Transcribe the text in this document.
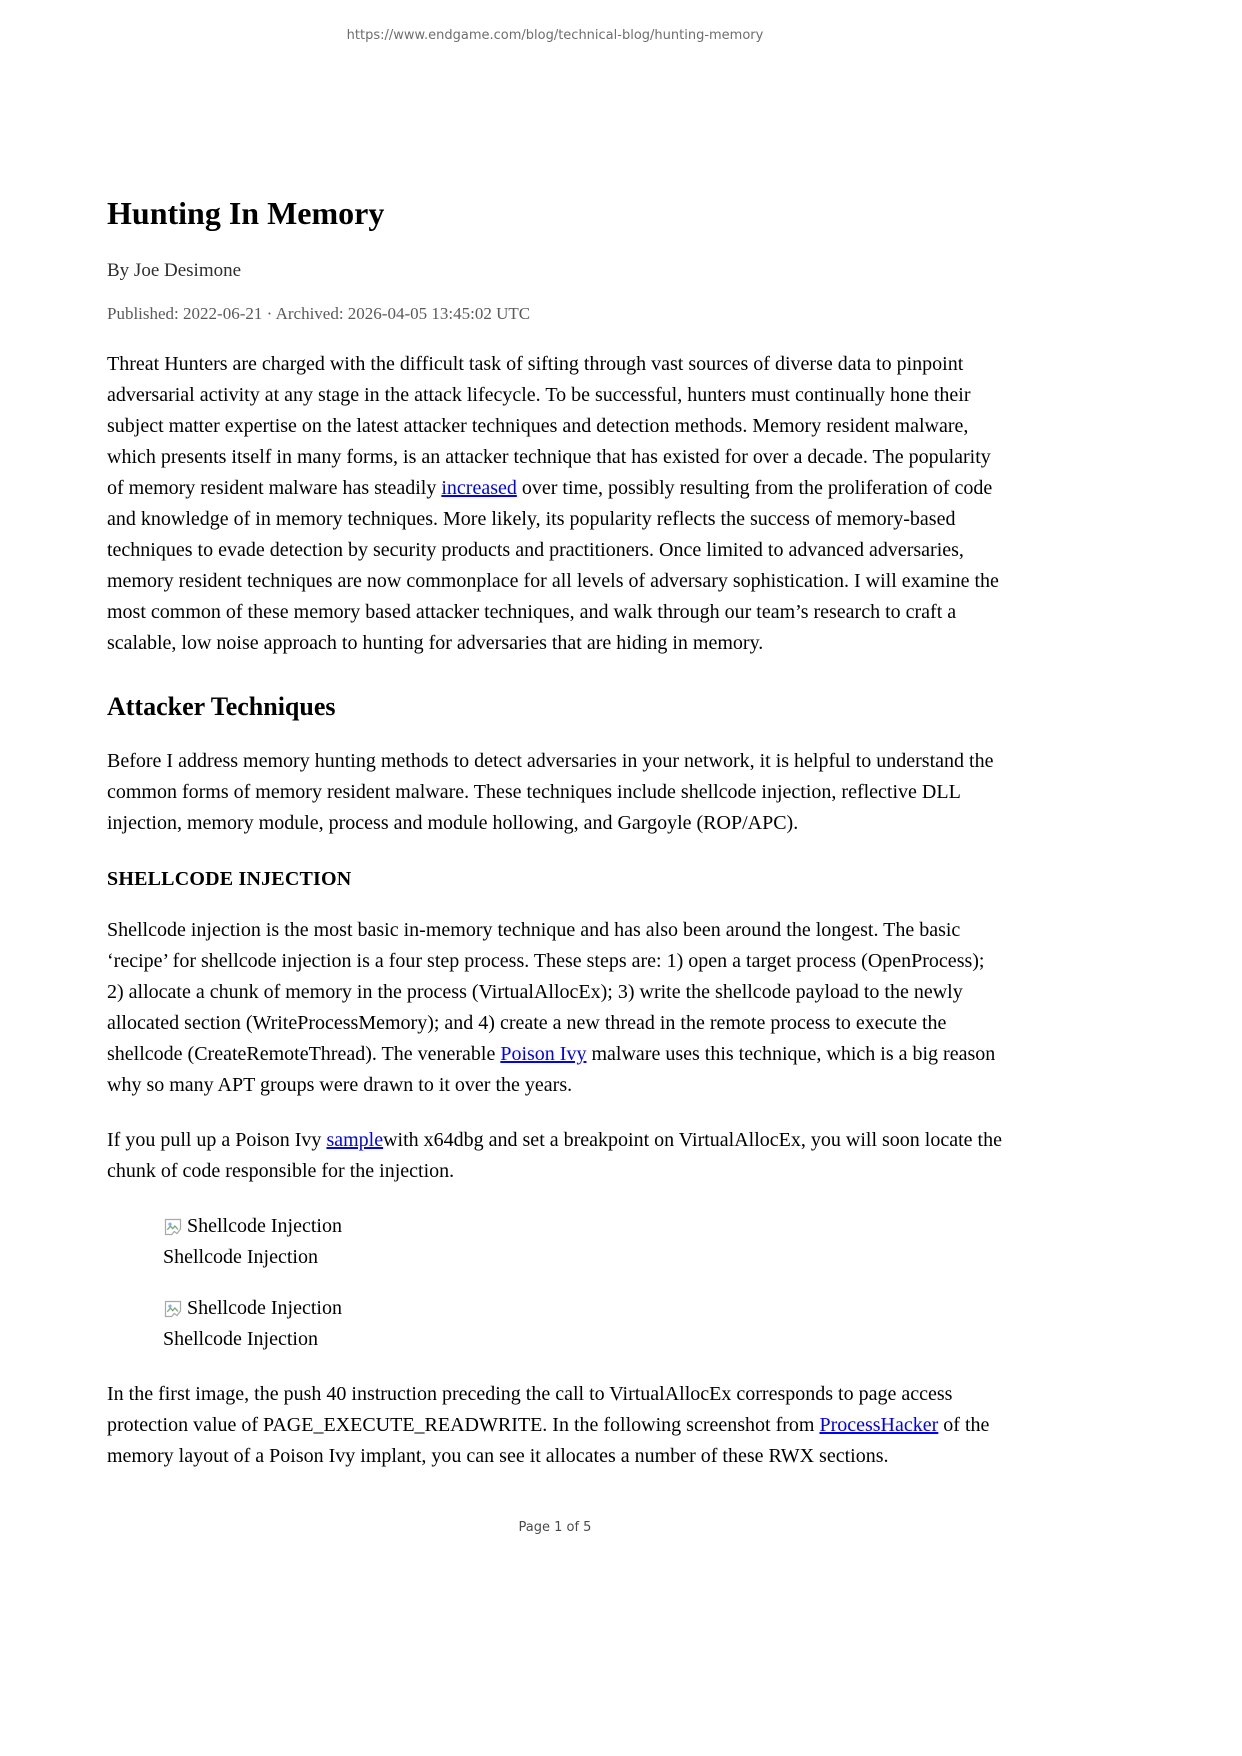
https://www.endgame.com/blog/technical-blog/hunting-memory
Hunting In Memory
By Joe Desimone
Published: 2022-06-21 · Archived: 2026-04-05 13:45:02 UTC

Threat Hunters are charged with the difficult task of sifting through vast sources of diverse data to pinpoint adversarial activity at any stage in the attack lifecycle. To be successful, hunters must continually hone their subject matter expertise on the latest attacker techniques and detection methods. Memory resident malware, which presents itself in many forms, is an attacker technique that has existed for over a decade. The popularity of memory resident malware has steadily increased over time, possibly resulting from the proliferation of code and knowledge of in memory techniques. More likely, its popularity reflects the success of memory-based techniques to evade detection by security products and practitioners. Once limited to advanced adversaries, memory resident techniques are now commonplace for all levels of adversary sophistication. I will examine the most common of these memory based attacker techniques, and walk through our team’s research to craft a scalable, low noise approach to hunting for adversaries that are hiding in memory.

Attacker Techniques

Before I address memory hunting methods to detect adversaries in your network, it is helpful to understand the common forms of memory resident malware. These techniques include shellcode injection, reflective DLL injection, memory module, process and module hollowing, and Gargoyle (ROP/APC).

SHELLCODE INJECTION

Shellcode injection is the most basic in-memory technique and has also been around the longest. The basic ‘recipe’ for shellcode injection is a four step process. These steps are: 1) open a target process (OpenProcess); 2) allocate a chunk of memory in the process (VirtualAllocEx); 3) write the shellcode payload to the newly allocated section (WriteProcessMemory); and 4) create a new thread in the remote process to execute the shellcode (CreateRemoteThread). The venerable Poison Ivy malware uses this technique, which is a big reason why so many APT groups were drawn to it over the years.

If you pull up a Poison Ivy samplewith x64dbg and set a breakpoint on VirtualAllocEx, you will soon locate the chunk of code responsible for the injection.

Shellcode Injection
Shellcode Injection
Shellcode Injection
Shellcode Injection

In the first image, the push 40 instruction preceding the call to VirtualAllocEx corresponds to page access protection value of PAGE_EXECUTE_READWRITE. In the following screenshot from ProcessHacker of the memory layout of a Poison Ivy implant, you can see it allocates a number of these RWX sections.

Page 1 of 5
